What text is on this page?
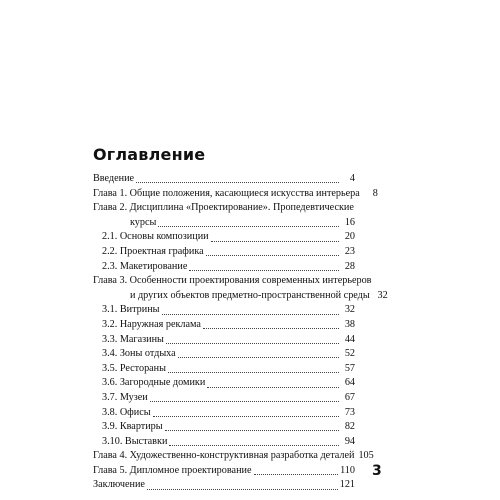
Оглавление
Введение	4
Глава 1. Общие положения, касающиеся искусства интерьера	8
Глава 2. Дисциплина «Проектирование». Пропедевтические
курсы	16
2.1. Основы композиции	20
2.2. Проектная графика	23
2.3. Макетирование	28
Глава 3. Особенности проектирования современных интерьеров
и других объектов предметно-пространственной среды 32
3.1. Витрины	32
3.2. Наружная реклама	38
3.3. Магазины	44
3.4. Зоны отдыха	52
3.5. Рестораны	57
3.6. Загородные домики	64
3.7. Музеи	67
3.8. Офисы	73
3.9. Квартиры	82
3.10. Выставки	94
Глава 4. Художественно-конструктивная разработка деталей 105
Глава 5. Дипломное проектирование	110
Заключение	121
3
